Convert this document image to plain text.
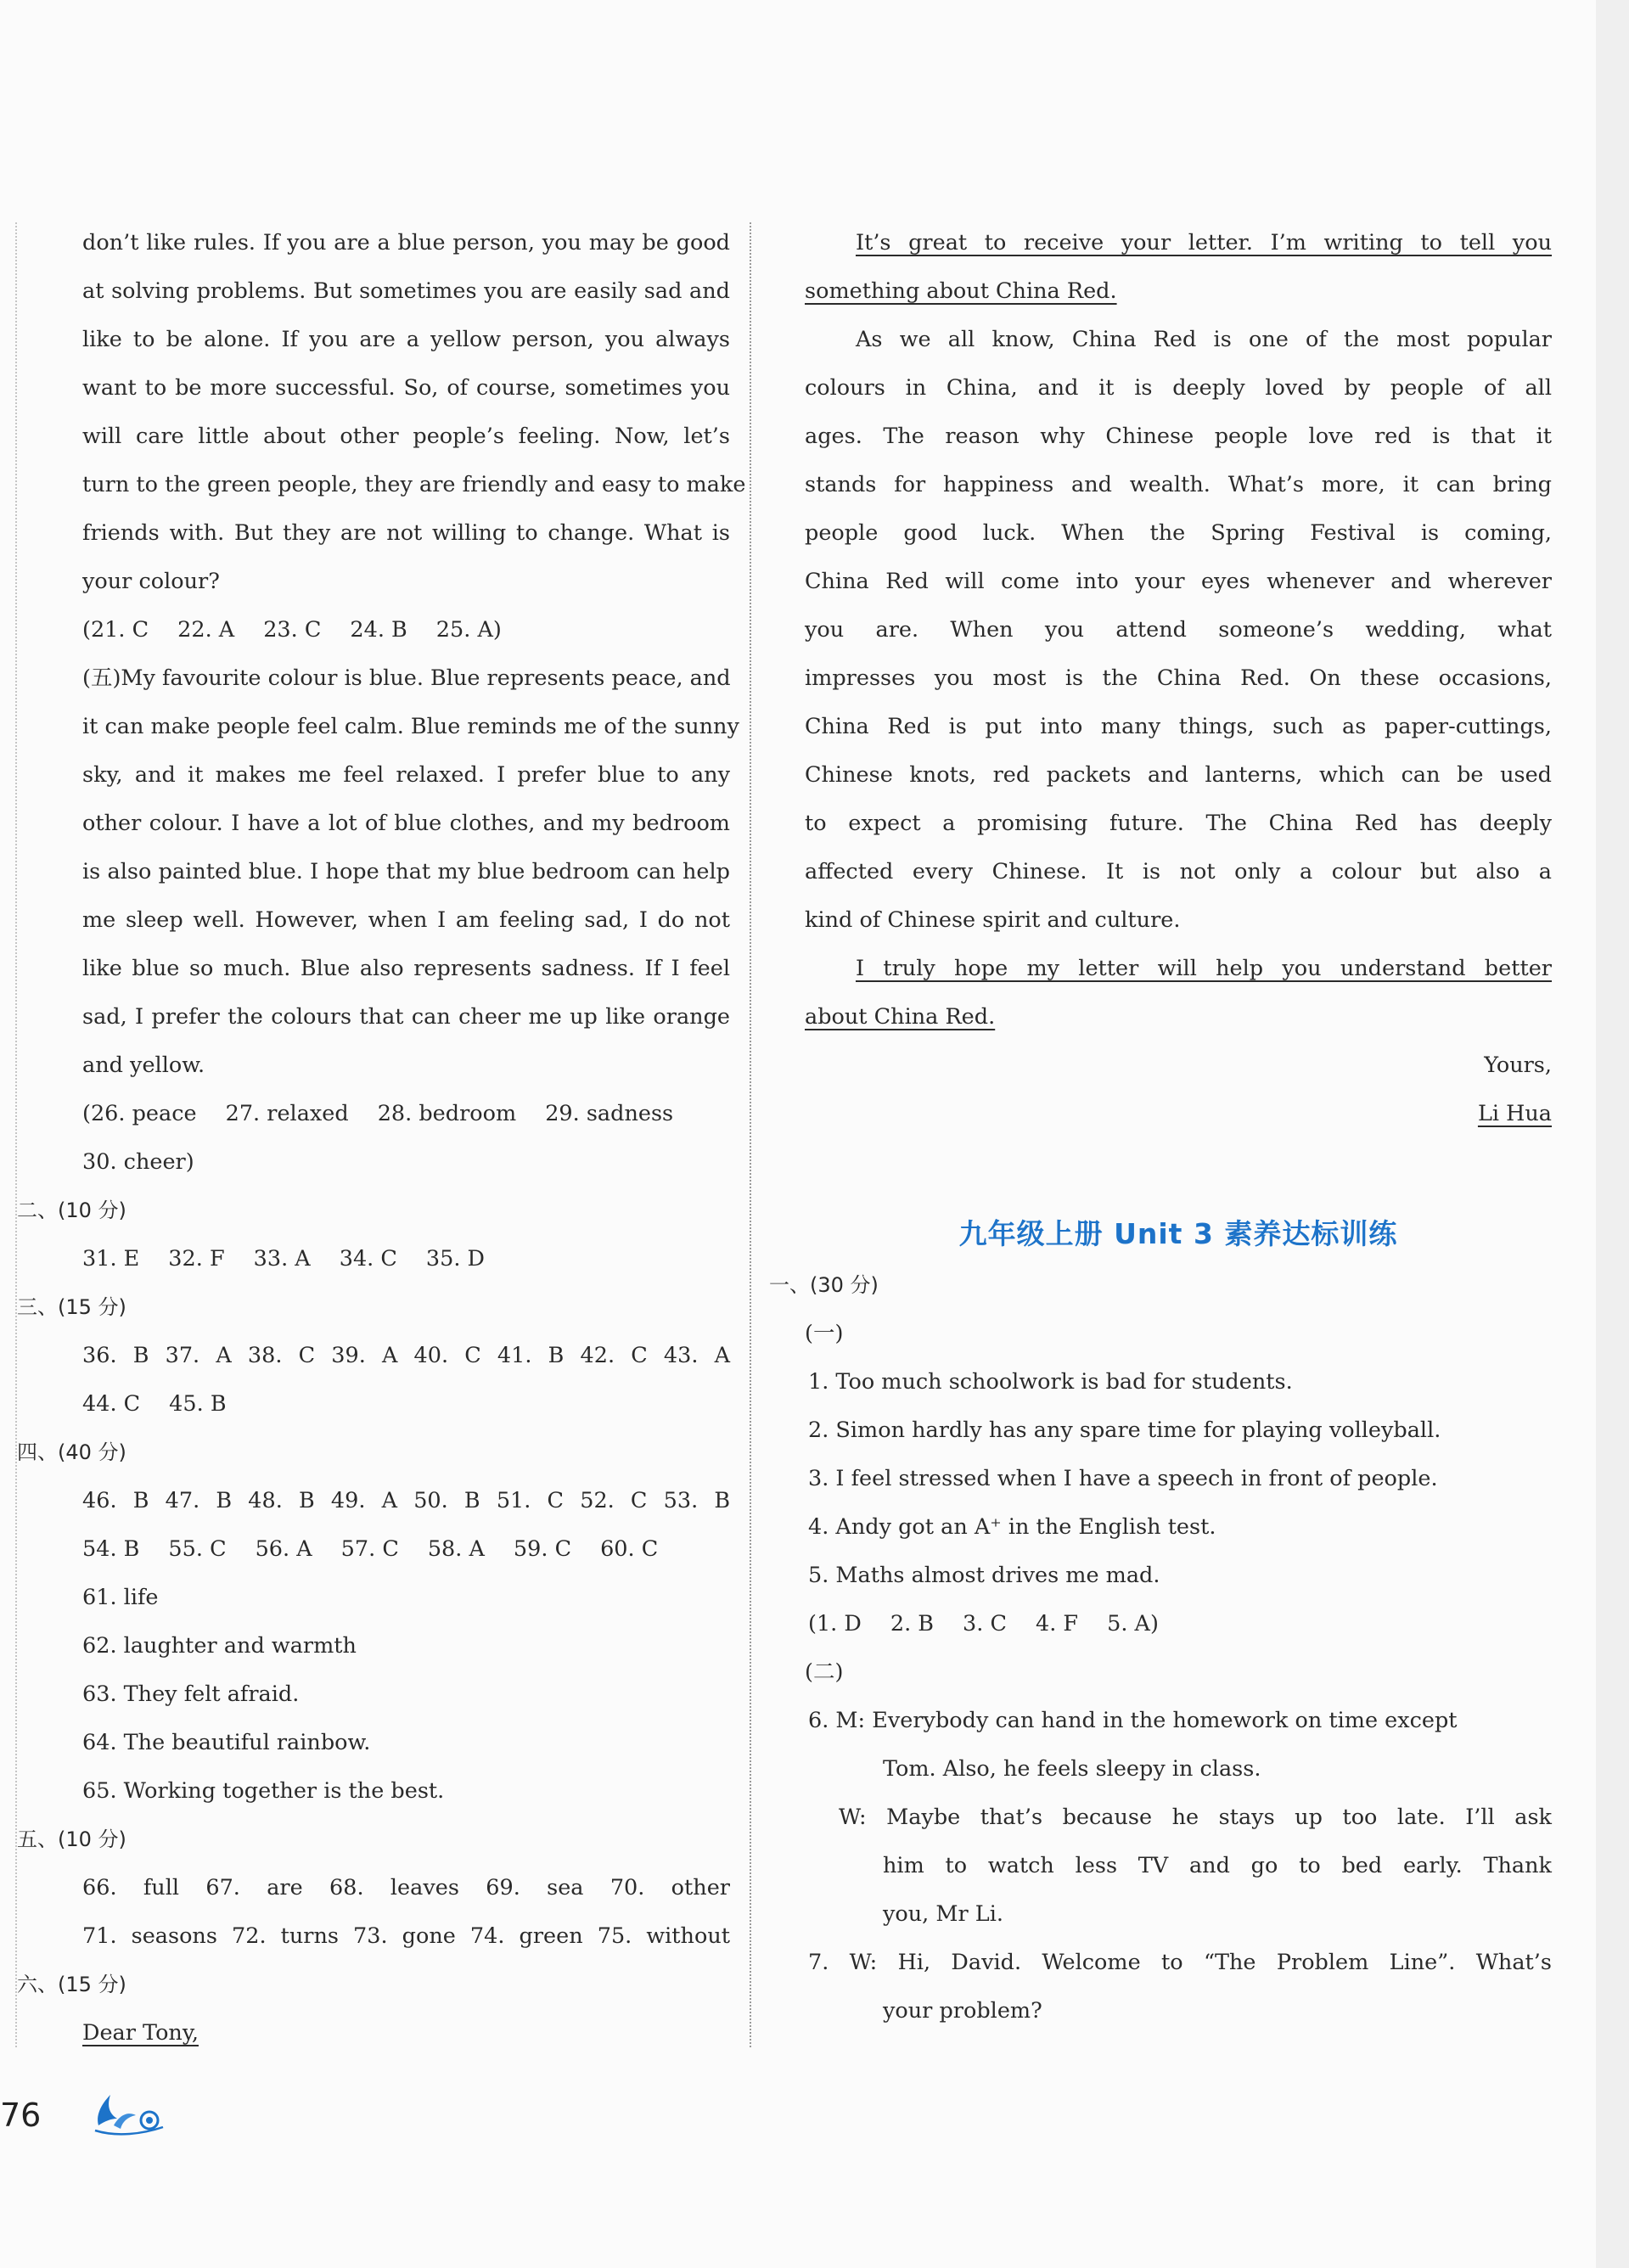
don’t like rules. If you are a blue person, you may be good
at solving problems. But sometimes you are easily sad and
like to be alone. If you are a yellow person, you always
want to be more successful. So, of course, sometimes you
will care little about other people’s feeling. Now, let’s
turn to the green people, they are friendly and easy to make
friends with. But they are not willing to change. What is
your colour?
(21. C 22. A 23. C 24. B 25. A)
(五)My favourite colour is blue. Blue represents peace, and
it can make people feel calm. Blue reminds me of the sunny
sky, and it makes me feel relaxed. I prefer blue to any
other colour. I have a lot of blue clothes, and my bedroom
is also painted blue. I hope that my blue bedroom can help
me sleep well. However, when I am feeling sad, I do not
like blue so much. Blue also represents sadness. If I feel
sad, I prefer the colours that can cheer me up like orange
and yellow.
(26. peace 27. relaxed 28. bedroom 29. sadness
30. cheer)
二、(10 分)
31. E 32. F 33. A 34. C 35. D
三、(15 分)
36. B 37. A 38. C 39. A 40. C 41. B 42. C 43. A
44. C 45. B
四、(40 分)
46. B 47. B 48. B 49. A 50. B 51. C 52. C 53. B
54. B 55. C 56. A 57. C 58. A 59. C 60. C
61. life
62. laughter and warmth
63. They felt afraid.
64. The beautiful rainbow.
65. Working together is the best.
五、(10 分)
66. full 67. are 68. leaves 69. sea 70. other
71. seasons 72. turns 73. gone 74. green 75. without
六、(15 分)
Dear Tony,
It’s great to receive your letter. I’m writing to tell you
something about China Red.
As we all know, China Red is one of the most popular
colours in China, and it is deeply loved by people of all
ages. The reason why Chinese people love red is that it
stands for happiness and wealth. What’s more, it can bring
people good luck. When the Spring Festival is coming,
China Red will come into your eyes whenever and wherever
you are. When you attend someone’s wedding, what
impresses you most is the China Red. On these occasions,
China Red is put into many things, such as paper-cuttings,
Chinese knots, red packets and lanterns, which can be used
to expect a promising future. The China Red has deeply
affected every Chinese. It is not only a colour but also a
kind of Chinese spirit and culture.
I truly hope my letter will help you understand better
about China Red.
Yours,
Li Hua
九年级上册 Unit 3 素养达标训练
一、(30 分)
(一)
1. Too much schoolwork is bad for students.
2. Simon hardly has any spare time for playing volleyball.
3. I feel stressed when I have a speech in front of people.
4. Andy got an A⁺ in the English test.
5. Maths almost drives me mad.
(1. D 2. B 3. C 4. F 5. A)
(二)
6. M: Everybody can hand in the homework on time except
Tom. Also, he feels sleepy in class.
W: Maybe that’s because he stays up too late. I’ll ask
him to watch less TV and go to bed early. Thank
you, Mr Li.
7. W: Hi, David. Welcome to “The Problem Line”. What’s
your problem?
76
